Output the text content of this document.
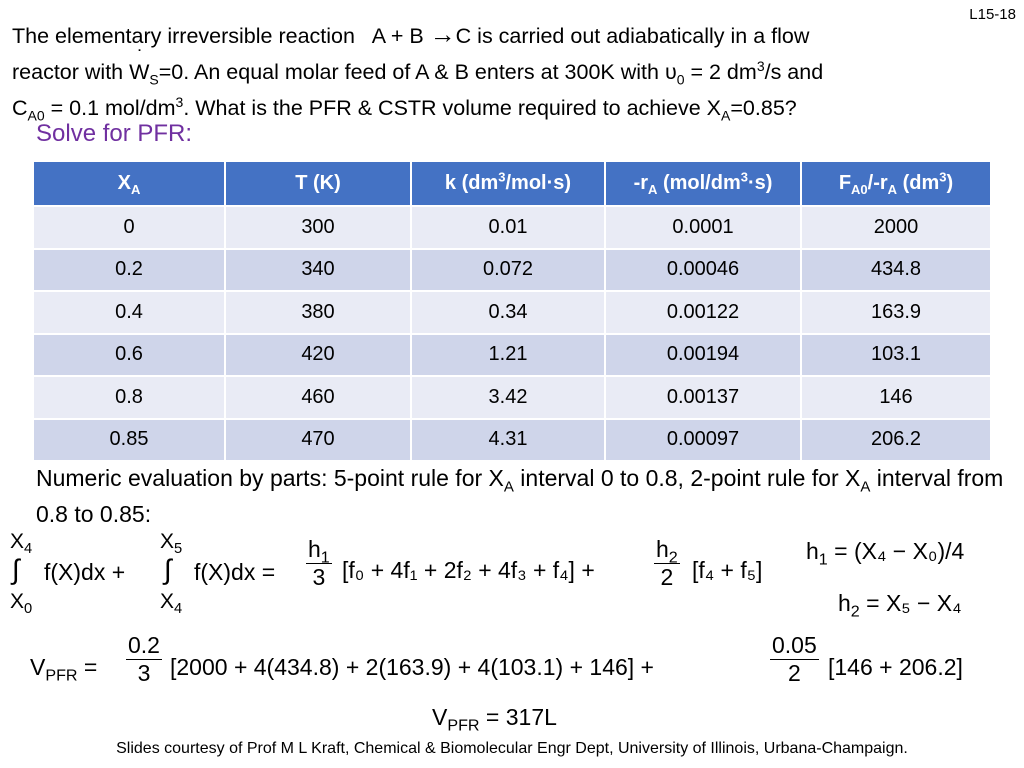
L15-18
The elementary irreversible reaction A + B →C is carried out adiabatically in a flow
reactor with ˙ $W_S=0$. An equal molar feed of A & B enters at 300K with $\upsilon_0 = 2$ $dm^3/s$ and
$C_{A0} = 0.1$ mol/$dm^3$. What is the PFR & CSTR volume required to achieve $X_A=0.85$?
Solve for PFR:
$X_A$	T (K)	k $(dm^3/mol\cdot s)$	$-r_A$ $(mol/dm^3\cdot s)$	$F_{A0}/-r_A$ $(dm^3)$
0	300	0.01	0.0001	2000
0.2	340	0.072	0.00046	434.8
0.4	380	0.34	0.00122	163.9
0.6	420	1.21	0.00194	103.1
0.8	460	3.42	0.00137	146
0.85	470	4.31	0.00097	206.2
Numeric evaluation by parts: 5-point rule for $X_A$ interval 0 to 0.8, 2-point rule for $X_A$ interval from 0.8 to 0.85:
$X_4$
∫
$X_0$
f(X)dx +
$X_5$
∫
$X_4$
$f(X)dx = \frac{h_1}{3} [f_0 + 4f_1 + 2f_2 + 4f_3 + f_4]$ +	$\frac{h_2}{2} [f_4 + f_5]$
$h_1 = (X_4 - X_0)/4$
$h_2 = X_5 - X_4$
$V_{PFR} = \frac{0.2}{3} [2000 + 4(434.8) + 2(163.9) + 4(103.1) + 146]$ +	$\frac{0.05}{2} [146 + 206.2]$
$V_{PFR} = 317L$
Slides courtesy of Prof M L Kraft, Chemical & Biomolecular Engr Dept, University of Illinois, Urbana-Champaign.
